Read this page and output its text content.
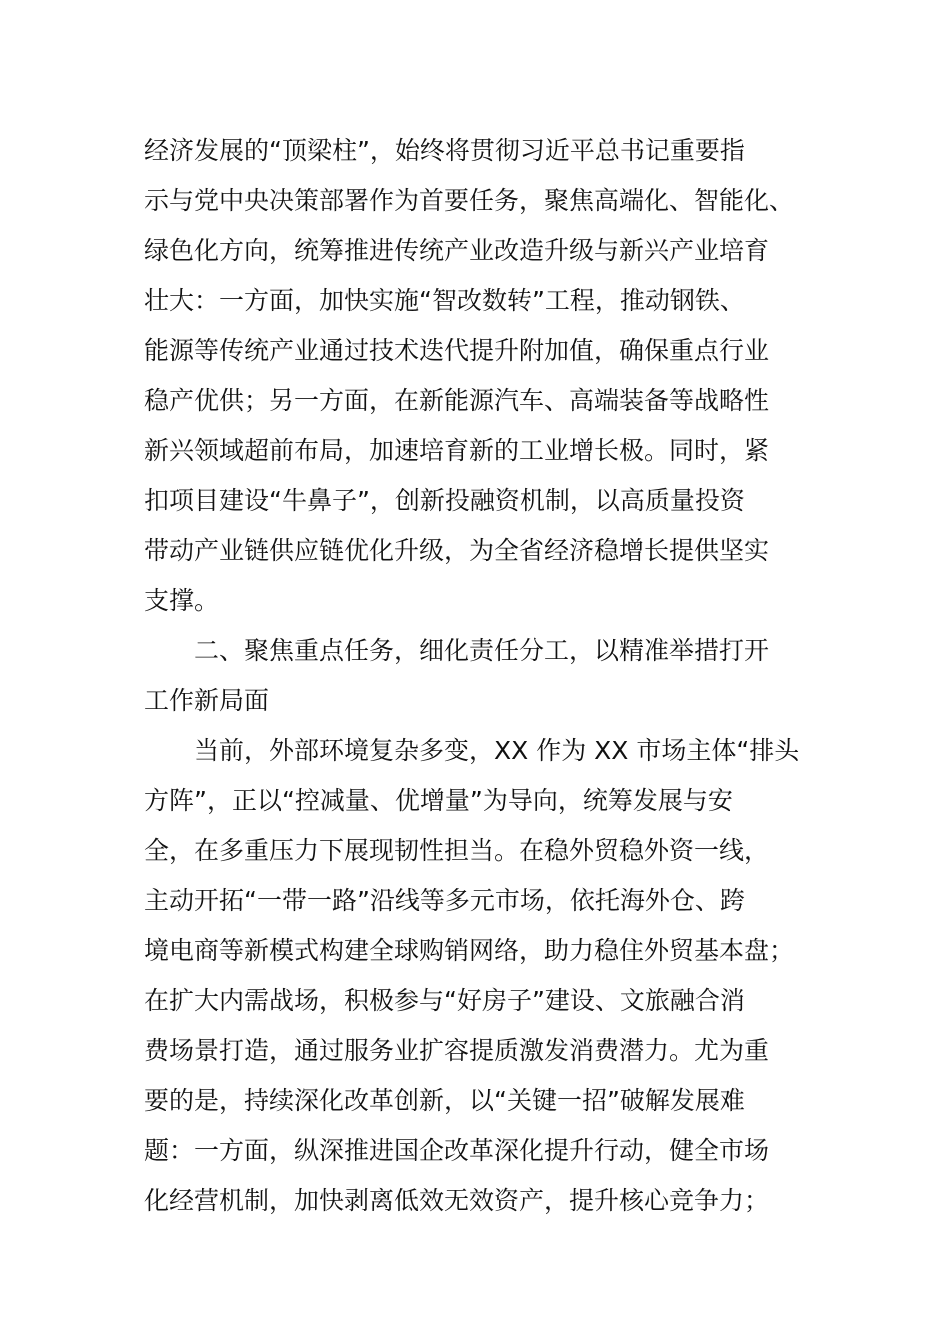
经济发展的“顶梁柱”，始终将贯彻习近平总书记重要指
示与党中央决策部署作为首要任务，聚焦高端化、智能化、
绿色化方向，统筹推进传统产业改造升级与新兴产业培育
壮大：一方面，加快实施“智改数转”工程，推动钢铁、
能源等传统产业通过技术迭代提升附加值，确保重点行业
稳产优供；另一方面，在新能源汽车、高端装备等战略性
新兴领域超前布局，加速培育新的工业增长极。同时，紧
扣项目建设“牛鼻子”，创新投融资机制，以高质量投资
带动产业链供应链优化升级，为全省经济稳增长提供坚实
支撑。
二、聚焦重点任务，细化责任分工，以精准举措打开
工作新局面
当前，外部环境复杂多变，XX 作为 XX 市场主体“排头
方阵”，正以“控减量、优增量”为导向，统筹发展与安
全，在多重压力下展现韧性担当。在稳外贸稳外资一线，
主动开拓“一带一路”沿线等多元市场，依托海外仓、跨
境电商等新模式构建全球购销网络，助力稳住外贸基本盘；
在扩大内需战场，积极参与“好房子”建设、文旅融合消
费场景打造，通过服务业扩容提质激发消费潜力。尤为重
要的是，持续深化改革创新，以“关键一招”破解发展难
题：一方面，纵深推进国企改革深化提升行动，健全市场
化经营机制，加快剥离低效无效资产，提升核心竞争力；
